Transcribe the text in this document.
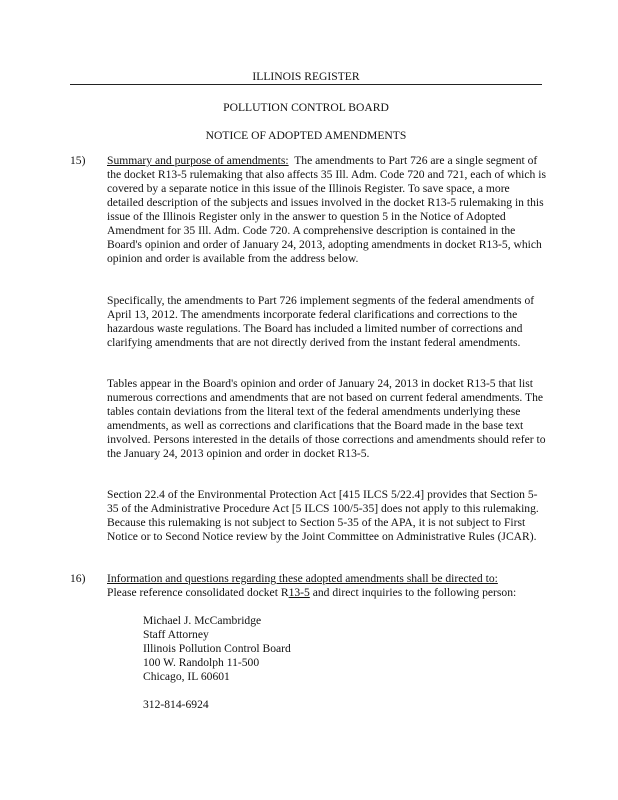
ILLINOIS REGISTER
POLLUTION CONTROL BOARD
NOTICE OF ADOPTED AMENDMENTS
15) Summary and purpose of amendments: The amendments to Part 726 are a single segment of the docket R13-5 rulemaking that also affects 35 Ill. Adm. Code 720 and 721, each of which is covered by a separate notice in this issue of the Illinois Register. To save space, a more detailed description of the subjects and issues involved in the docket R13-5 rulemaking in this issue of the Illinois Register only in the answer to question 5 in the Notice of Adopted Amendment for 35 Ill. Adm. Code 720. A comprehensive description is contained in the Board's opinion and order of January 24, 2013, adopting amendments in docket R13-5, which opinion and order is available from the address below.
Specifically, the amendments to Part 726 implement segments of the federal amendments of April 13, 2012. The amendments incorporate federal clarifications and corrections to the hazardous waste regulations. The Board has included a limited number of corrections and clarifying amendments that are not directly derived from the instant federal amendments.
Tables appear in the Board's opinion and order of January 24, 2013 in docket R13-5 that list numerous corrections and amendments that are not based on current federal amendments. The tables contain deviations from the literal text of the federal amendments underlying these amendments, as well as corrections and clarifications that the Board made in the base text involved. Persons interested in the details of those corrections and amendments should refer to the January 24, 2013 opinion and order in docket R13-5.
Section 22.4 of the Environmental Protection Act [415 ILCS 5/22.4] provides that Section 5-35 of the Administrative Procedure Act [5 ILCS 100/5-35] does not apply to this rulemaking. Because this rulemaking is not subject to Section 5-35 of the APA, it is not subject to First Notice or to Second Notice review by the Joint Committee on Administrative Rules (JCAR).
16) Information and questions regarding these adopted amendments shall be directed to:
Please reference consolidated docket R13-5 and direct inquiries to the following person:
Michael J. McCambridge
Staff Attorney
Illinois Pollution Control Board
100 W. Randolph 11-500
Chicago, IL 60601
312-814-6924
